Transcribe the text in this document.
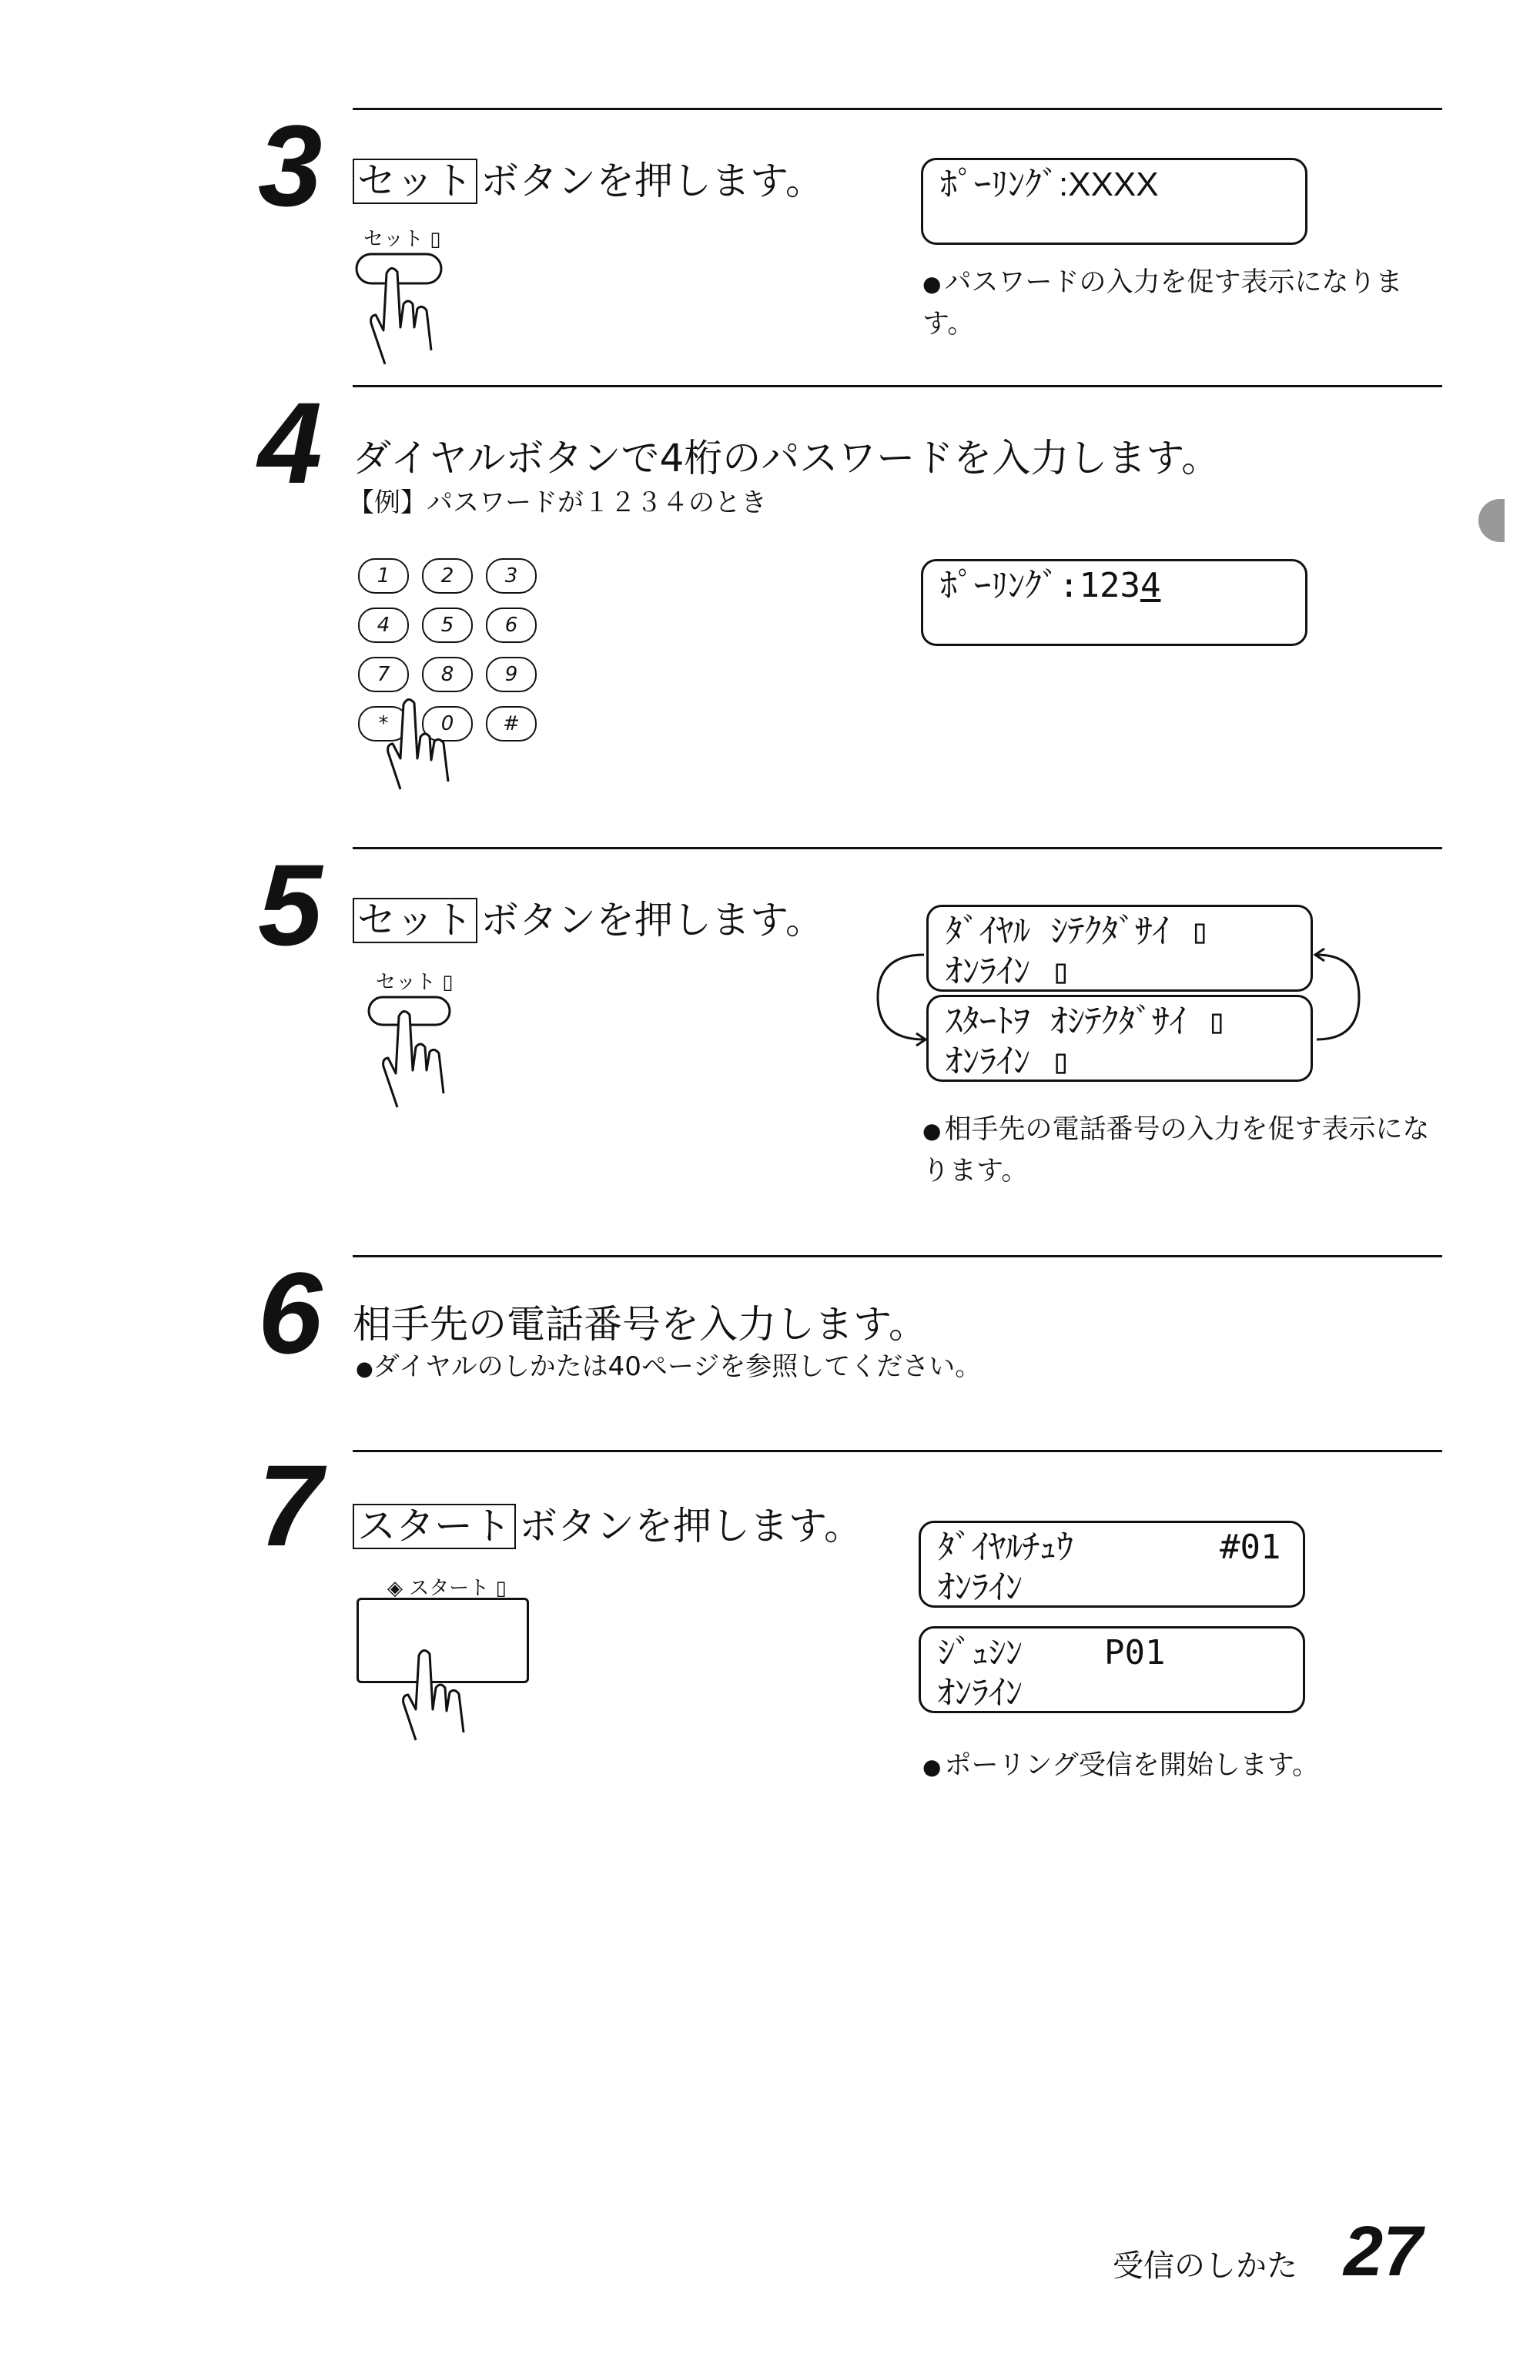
3 セット ボタンを押します。
セット ▯
ﾎﾟｰﾘﾝｸﾞ:XXXX
● パスワードの入力を促す表示になります。
4 ダイヤルボタンで4桁のパスワードを入力します。
【例】パスワードが１２３４のとき
1	2	3
4	5	6
7	8	9
*	0	#
ﾎﾟｰﾘﾝｸﾞ:1234
5 セット ボタンを押します。
セット ▯
ﾀﾞｲﾔﾙ ｼﾃｸﾀﾞｻｲ ▯
ｵﾝﾗｲﾝ ▯
ｽﾀｰﾄｦ ｵｼﾃｸﾀﾞｻｲ ▯
ｵﾝﾗｲﾝ ▯
● 相手先の電話番号の入力を促す表示になります。
6 相手先の電話番号を入力します。
●ダイヤルのしかたは40ページを参照してください。
7 スタート ボタンを押します。
◈ スタート ▯
ﾀﾞｲﾔﾙﾁｭｳ	#01
ｵﾝﾗｲﾝ
ｼﾞｭｼﾝ P01
ｵﾝﾗｲﾝ
● ポーリング受信を開始します。
受信のしかた 27
